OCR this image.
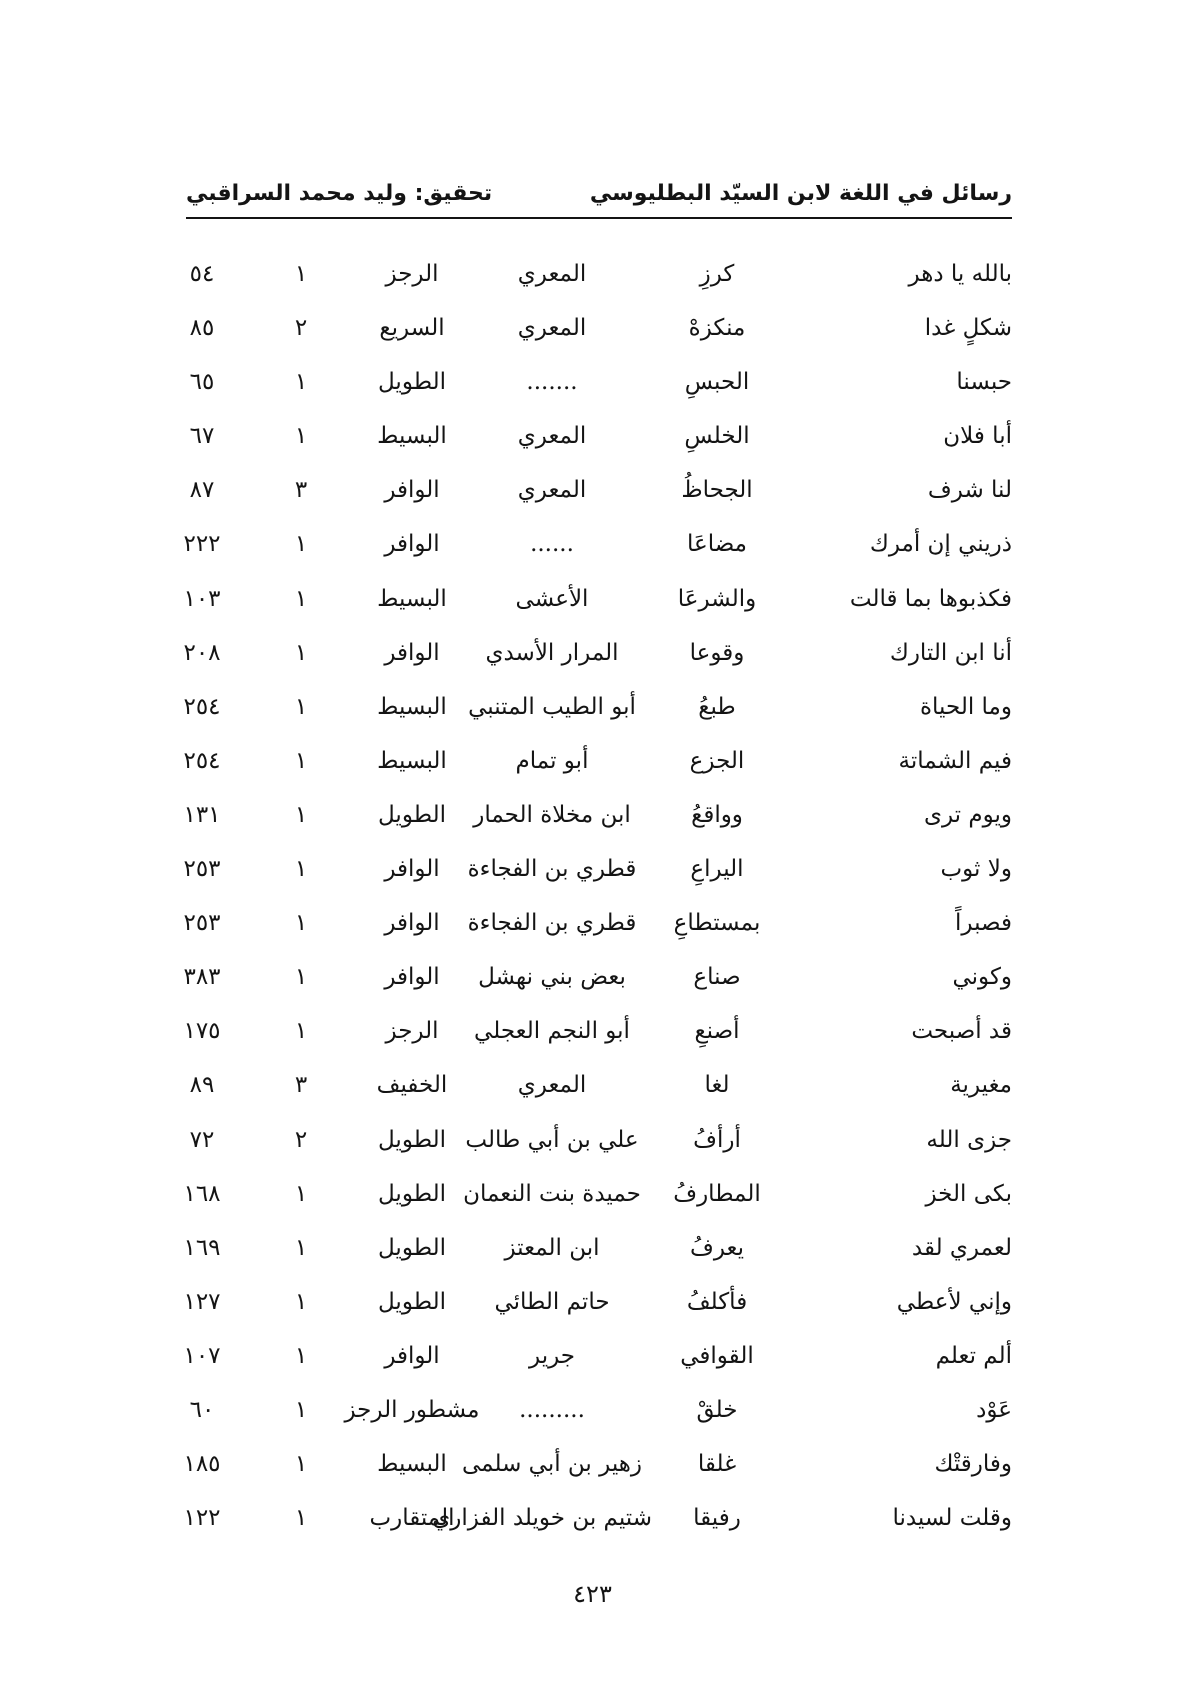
رسائل في اللغة لابن السيّد البطليوسي
تحقيق: وليد محمد السراقبي
بالله يا دهر
كرزِ
المعري
الرجز
١
٥٤
شكلٍ غدا
منكزهْ
المعري
السريع
٢
٨٥
حبسنا
الحبسِ
.......
الطويل
١
٦٥
أبا فلان
الخلسِ
المعري
البسيط
١
٦٧
لنا شرف
الجحاظُ
المعري
الوافر
٣
٨٧
ذريني إن أمرك
مضاعَا
......
الوافر
١
٢٢٢
فكذبوها بما قالت
والشرعَا
الأعشى
البسيط
١
١٠٣
أنا ابن التارك
وقوعا
المرار الأسدي
الوافر
١
٢٠٨
وما الحياة
طبعُ
أبو الطيب المتنبي
البسيط
١
٢٥٤
فيم الشماتة
الجزع
أبو تمام
البسيط
١
٢٥٤
ويوم ترى
وواقعُ
ابن مخلاة الحمار
الطويل
١
١٣١
ولا ثوب
اليراعِ
قطري بن الفجاءة
الوافر
١
٢٥٣
فصبراً
بمستطاعِ
قطري بن الفجاءة
الوافر
١
٢٥٣
وكوني
صناع
بعض بني نهشل
الوافر
١
٣٨٣
قد أصبحت
أصنعِ
أبو النجم العجلي
الرجز
١
١٧٥
مغيرية
لغا
المعري
الخفيف
٣
٨٩
جزى الله
أرأفُ
علي بن أبي طالب
الطويل
٢
٧٢
بكى الخز
المطارفُ
حميدة بنت النعمان
الطويل
١
١٦٨
لعمري لقد
يعرفُ
ابن المعتز
الطويل
١
١٦٩
وإني لأعطي
فأكلفُ
حاتم الطائي
الطويل
١
١٢٧
ألم تعلم
القوافي
جرير
الوافر
١
١٠٧
عَوْد
خلقْ
.........
مشطور الرجز
١
٦٠
وفارقتْك
غلقا
زهير بن أبي سلمى
البسيط
١
١٨٥
وقلت لسيدنا
رفيقا
شتيم بن خويلد الفزاري
المتقارب
١
١٢٢
٤٢٣
